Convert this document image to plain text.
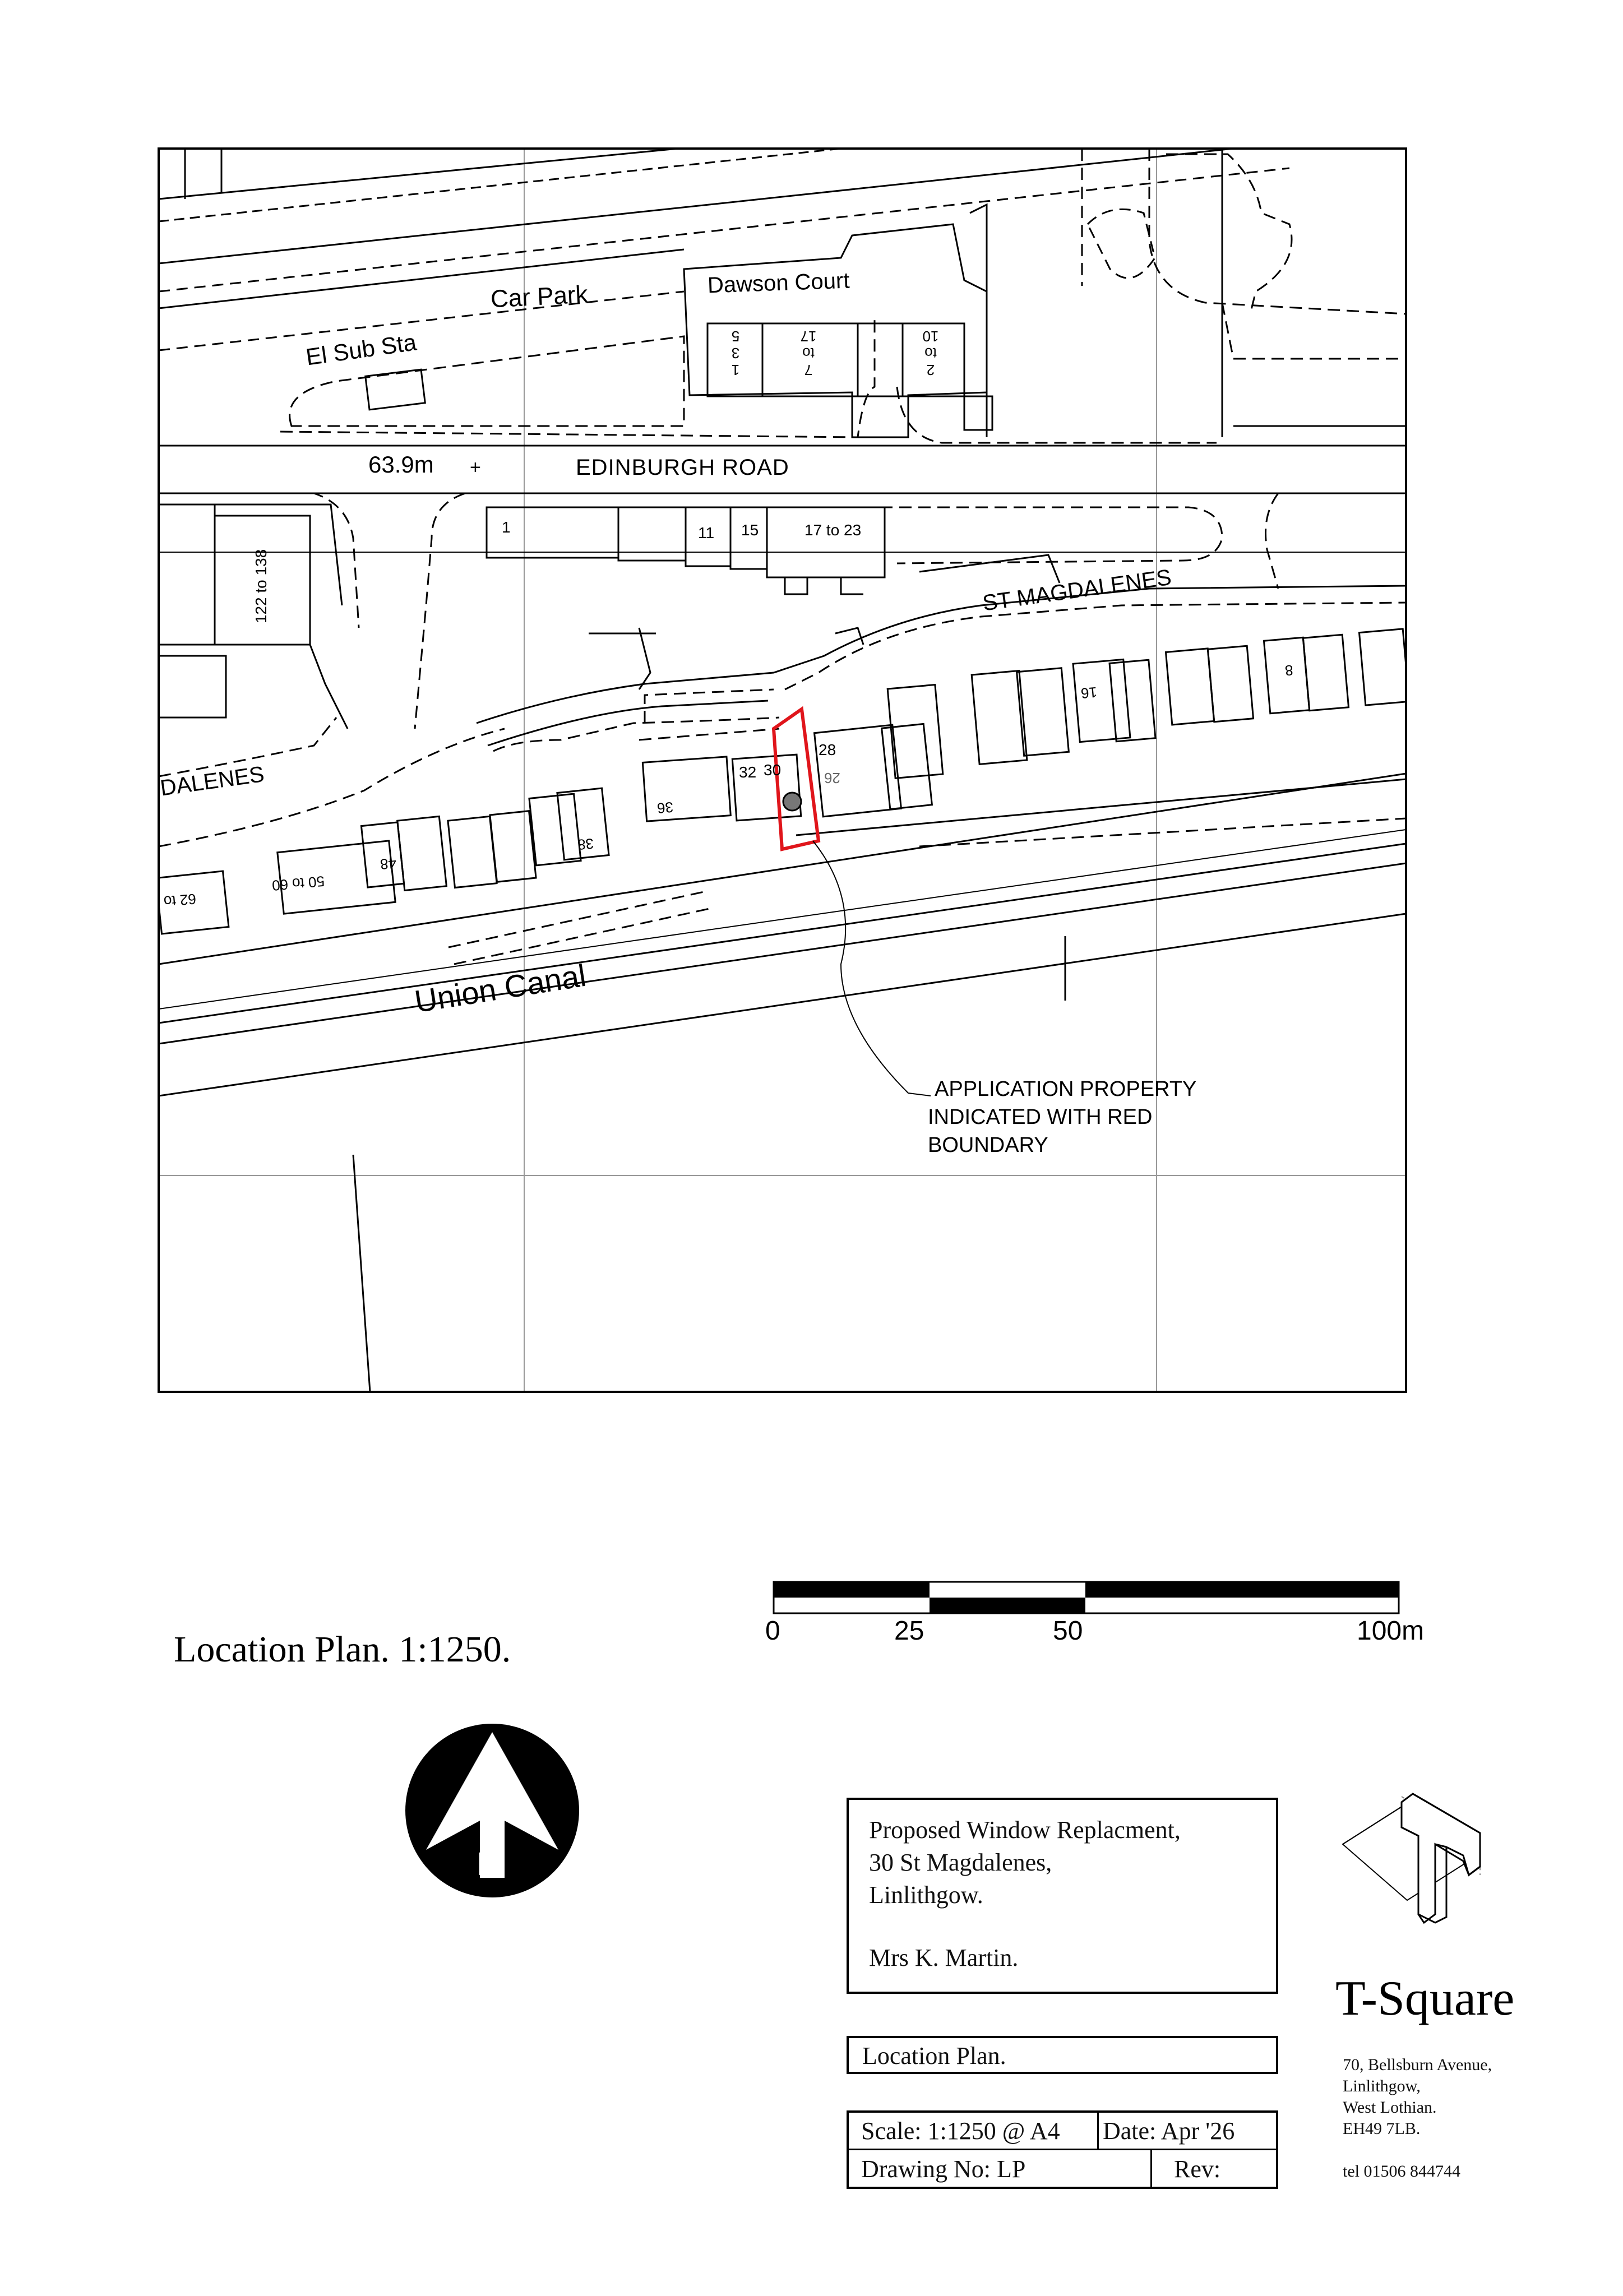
Car Park	Dawson Court
El Sub Sta
63.9m +	EDINBURGH ROAD
ST MAGDALENES
DALENES
Union Canal
1
3
5
7
to
17
2
to
10
1	11 15	17 to 23
122 to 138
32 30
28
26
36
38
48
50 to 60
62 to
16
8
APPLICATION PROPERTY
INDICATED WITH RED
BOUNDARY
Location Plan. 1:1250.	0	25	50	100m
N
Proposed Window Replacment,
30 St Magdalenes,
Linlithgow.
Mrs K. Martin.
Location Plan.
Scale: 1:1250 @ A4 Date: Apr '26
Drawing No: LP	Rev:
T-Square
70, Bellsburn Avenue,
Linlithgow,
West Lothian.
EH49 7LB.
tel 01506 844744
